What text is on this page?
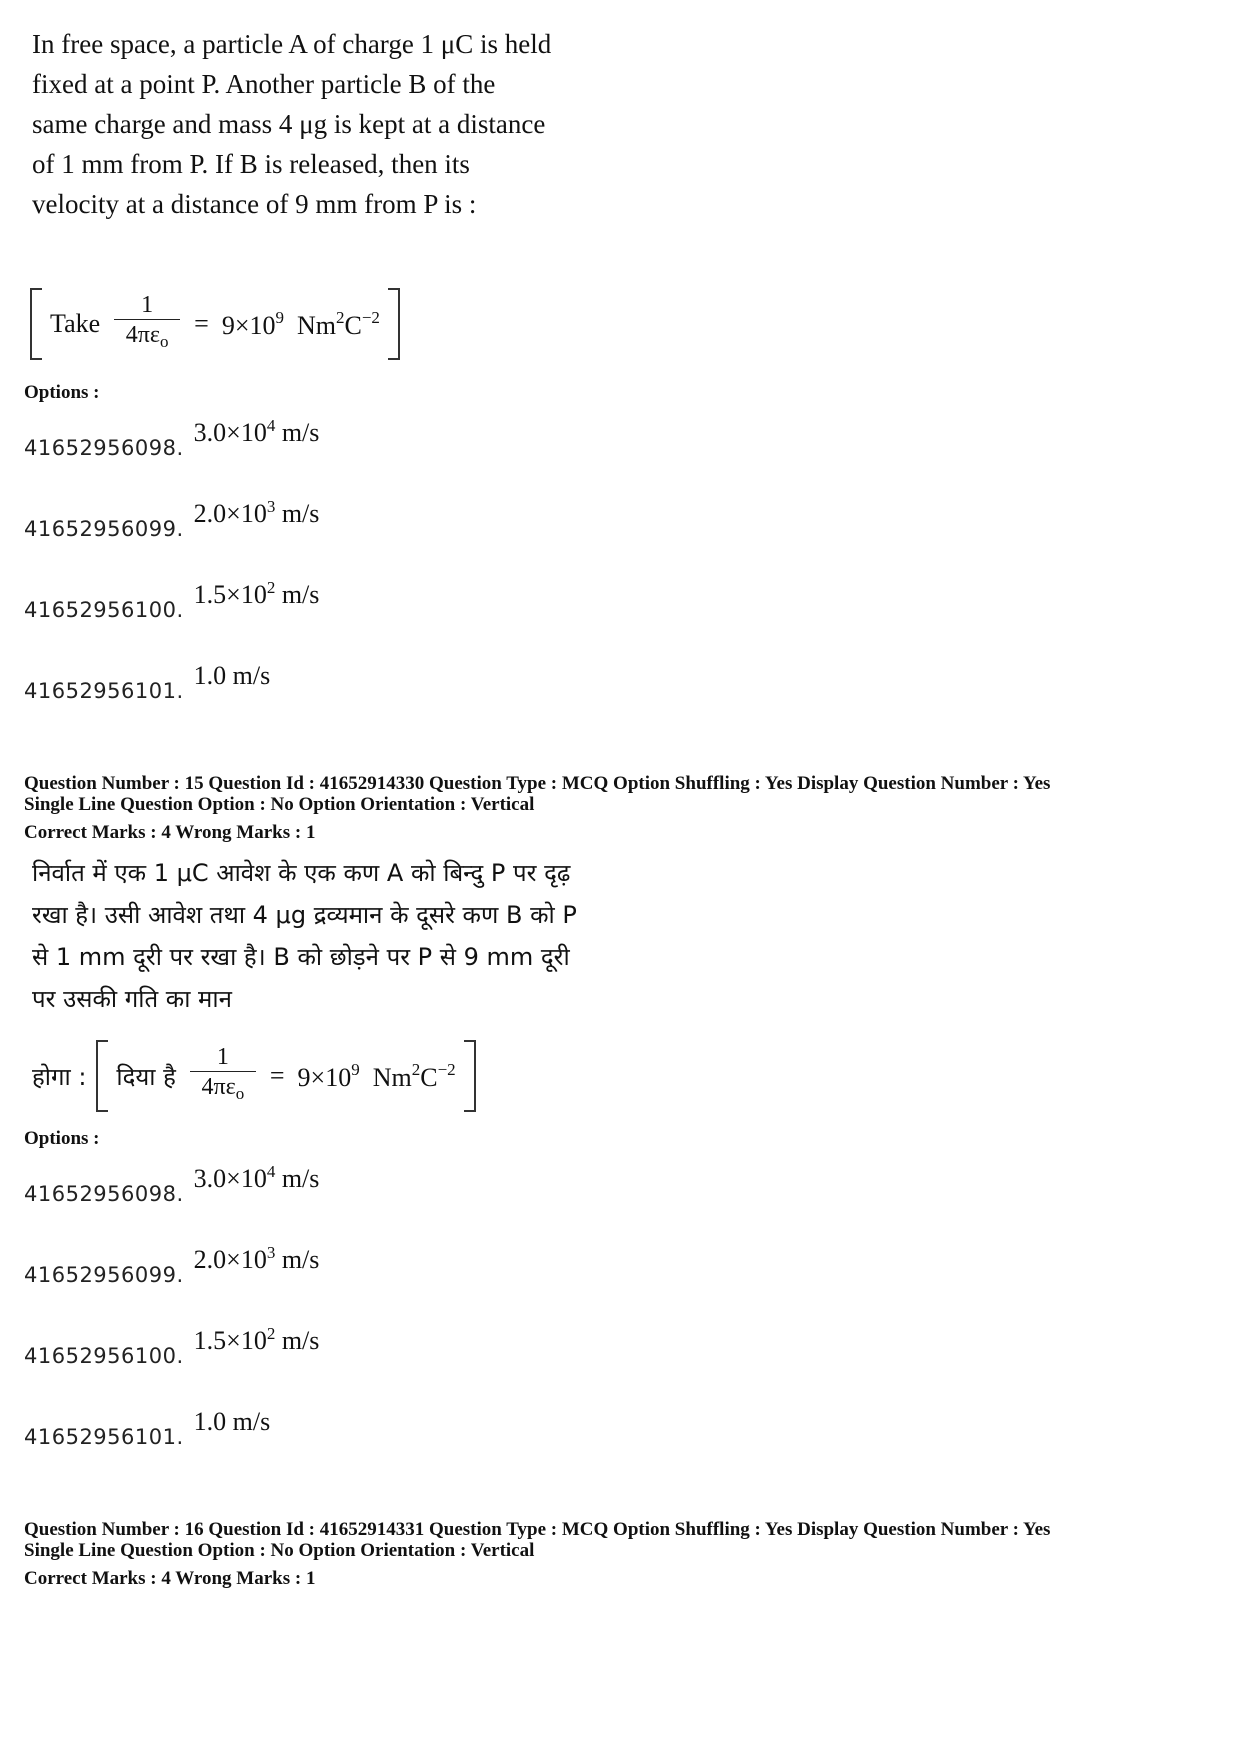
In free space, a particle A of charge 1 μC is held fixed at a point P. Another particle B of the same charge and mass 4 μg is kept at a distance of 1 mm from P. If B is released, then its velocity at a distance of 9 mm from P is :
Take $\frac{1}{4\pi\varepsilon_o}$ =
$9\times 10^9$
$Nm^2C^{-2}$
Options :
41652956098.
$3.0\times 10^4$ m/s
41652956099.
$2.0\times 10^3$ m/s
41652956100.
$1.5\times 10^2$ m/s
41652956101.
1.0 m/s
Question Number : 15 Question Id : 41652914330 Question Type : MCQ Option Shuffling : Yes Display Question Number : Yes
Single Line Question Option : No Option Orientation : Vertical
Correct Marks : 4 Wrong Marks : 1
निर्वात में एक 1 μC आवेश के एक कण A को बिन्दु P पर दृढ़ रखा है। उसी आवेश तथा 4 μg द्रव्यमान के दूसरे कण B को P से 1 mm दूरी पर रखा है। B को छोड़ने पर P से 9 mm दूरी पर उसकी गति का मान
होगा : दिया है $\frac{1}{4\pi\varepsilon_o}$ =
$9\times 10^9$
$Nm^2C^{-2}$
Options :
41652956098.
$3.0\times 10^4$ m/s
41652956099.
$2.0\times 10^3$ m/s
41652956100.
$1.5\times 10^2$ m/s
41652956101.
1.0 m/s
Question Number : 16 Question Id : 41652914331 Question Type : MCQ Option Shuffling : Yes Display Question Number : Yes
Single Line Question Option : No Option Orientation : Vertical
Correct Marks : 4 Wrong Marks : 1
